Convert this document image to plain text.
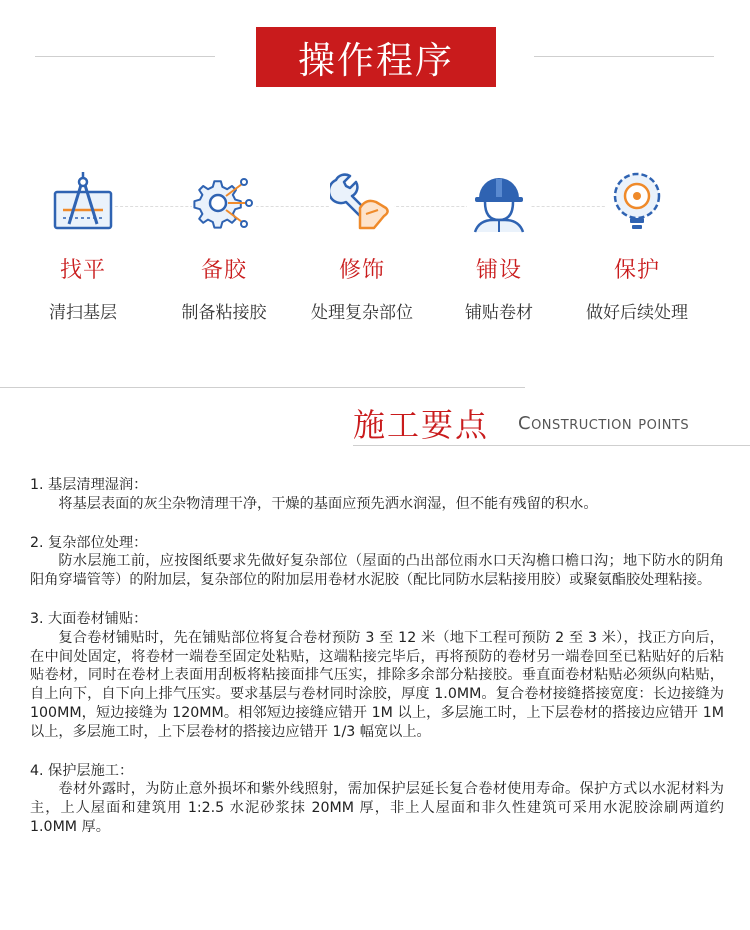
操作程序
找平
清扫基层
备胶
制备粘接胶
修饰
处理复杂部位
铺设
铺贴卷材
保护
做好后续处理
施工要点 Construction points
1. 基层清理湿润：
将基层表面的灰尘杂物清理干净，干燥的基面应预先洒水润湿，但不能有残留的积水。
2. 复杂部位处理：
防水层施工前，应按图纸要求先做好复杂部位（屋面的凸出部位雨水口天沟檐口檐口沟；地下防水的阴角阳角穿墙管等）的附加层，复杂部位的附加层用卷材水泥胶（配比同防水层粘接用胶）或聚氨酯胶处理粘接。
3. 大面卷材铺贴：
复合卷材铺贴时，先在铺贴部位将复合卷材预防 3 至 12 米（地下工程可预防 2 至 3 米），找正方向后，在中间处固定，将卷材一端卷至固定处粘贴，这端粘接完毕后，再将预防的卷材另一端卷回至已粘贴好的后粘贴卷材，同时在卷材上表面用刮板将粘接面排气压实，排除多余部分粘接胶。垂直面卷材粘贴必须纵向粘贴，自上向下，自下向上排气压实。要求基层与卷材同时涂胶，厚度 1.0MM。复合卷材接缝搭接宽度：长边接缝为 100MM，短边接缝为 120MM。相邻短边接缝应错开 1M 以上，多层施工时，上下层卷材的搭接边应错开 1M 以上，多层施工时，上下层卷材的搭接边应错开 1/3 幅宽以上。
4. 保护层施工：
卷材外露时，为防止意外损坏和紫外线照射，需加保护层延长复合卷材使用寿命。保护方式以水泥材料为主，上人屋面和建筑用 1:2.5 水泥砂浆抹 20MM 厚，非上人屋面和非久性建筑可采用水泥胶涂刷两道约 1.0MM 厚。
